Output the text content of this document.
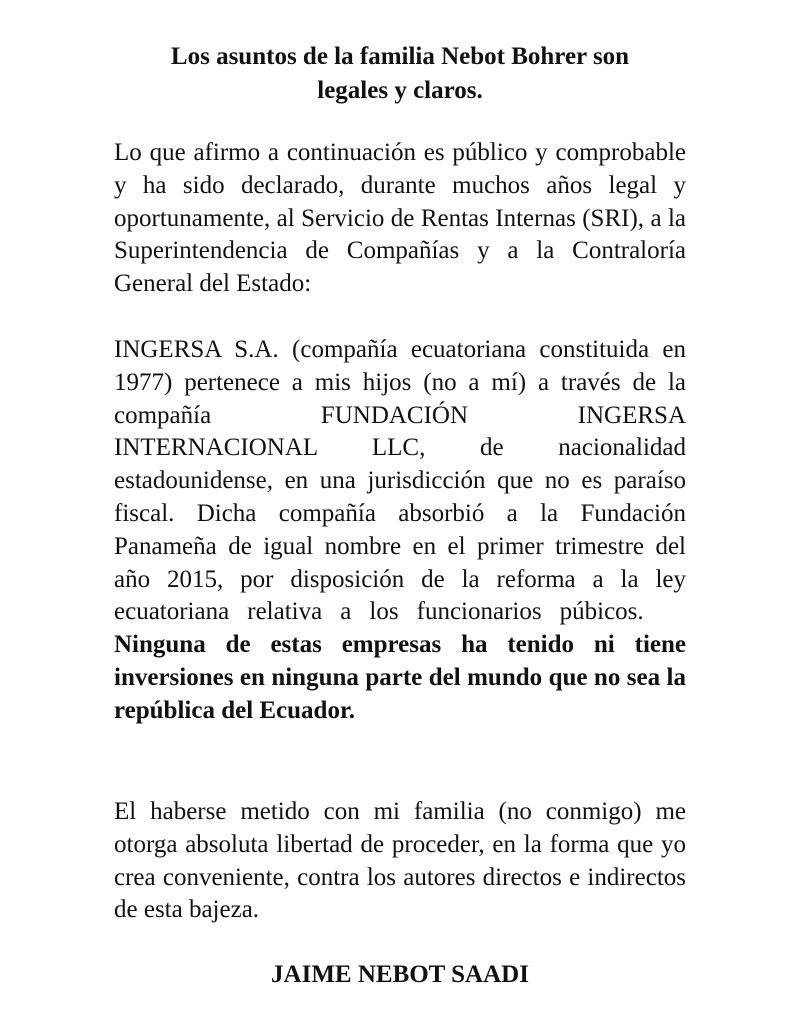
Los asuntos de la familia Nebot Bohrer son
legales y claros.

Lo que afirmo a continuación es público y comprobable y ha sido declarado, durante muchos años legal y oportunamente, al Servicio de Rentas Internas (SRI), a la Superintendencia de Compañías y a la Contraloría General del Estado:

INGERSA S.A. (compañía ecuatoriana constituida en 1977) pertenece a mis hijos (no a mí) a través de la compañía FUNDACIÓN INGERSA INTERNACIONAL LLC, de nacionalidad estadounidense, en una jurisdicción que no es paraíso fiscal. Dicha compañía absorbió a la Fundación Panameña de igual nombre en el primer trimestre del año 2015, por disposición de la reforma a la ley ecuatoriana relativa a los funcionarios púbicos.    Ninguna de estas empresas ha tenido ni tiene inversiones en ninguna parte del mundo que no sea la república del Ecuador.

El haberse metido con mi familia (no conmigo) me otorga absoluta libertad de proceder, en la forma que yo crea conveniente, contra los autores directos e indirectos de esta bajeza.

JAIME NEBOT SAADI
